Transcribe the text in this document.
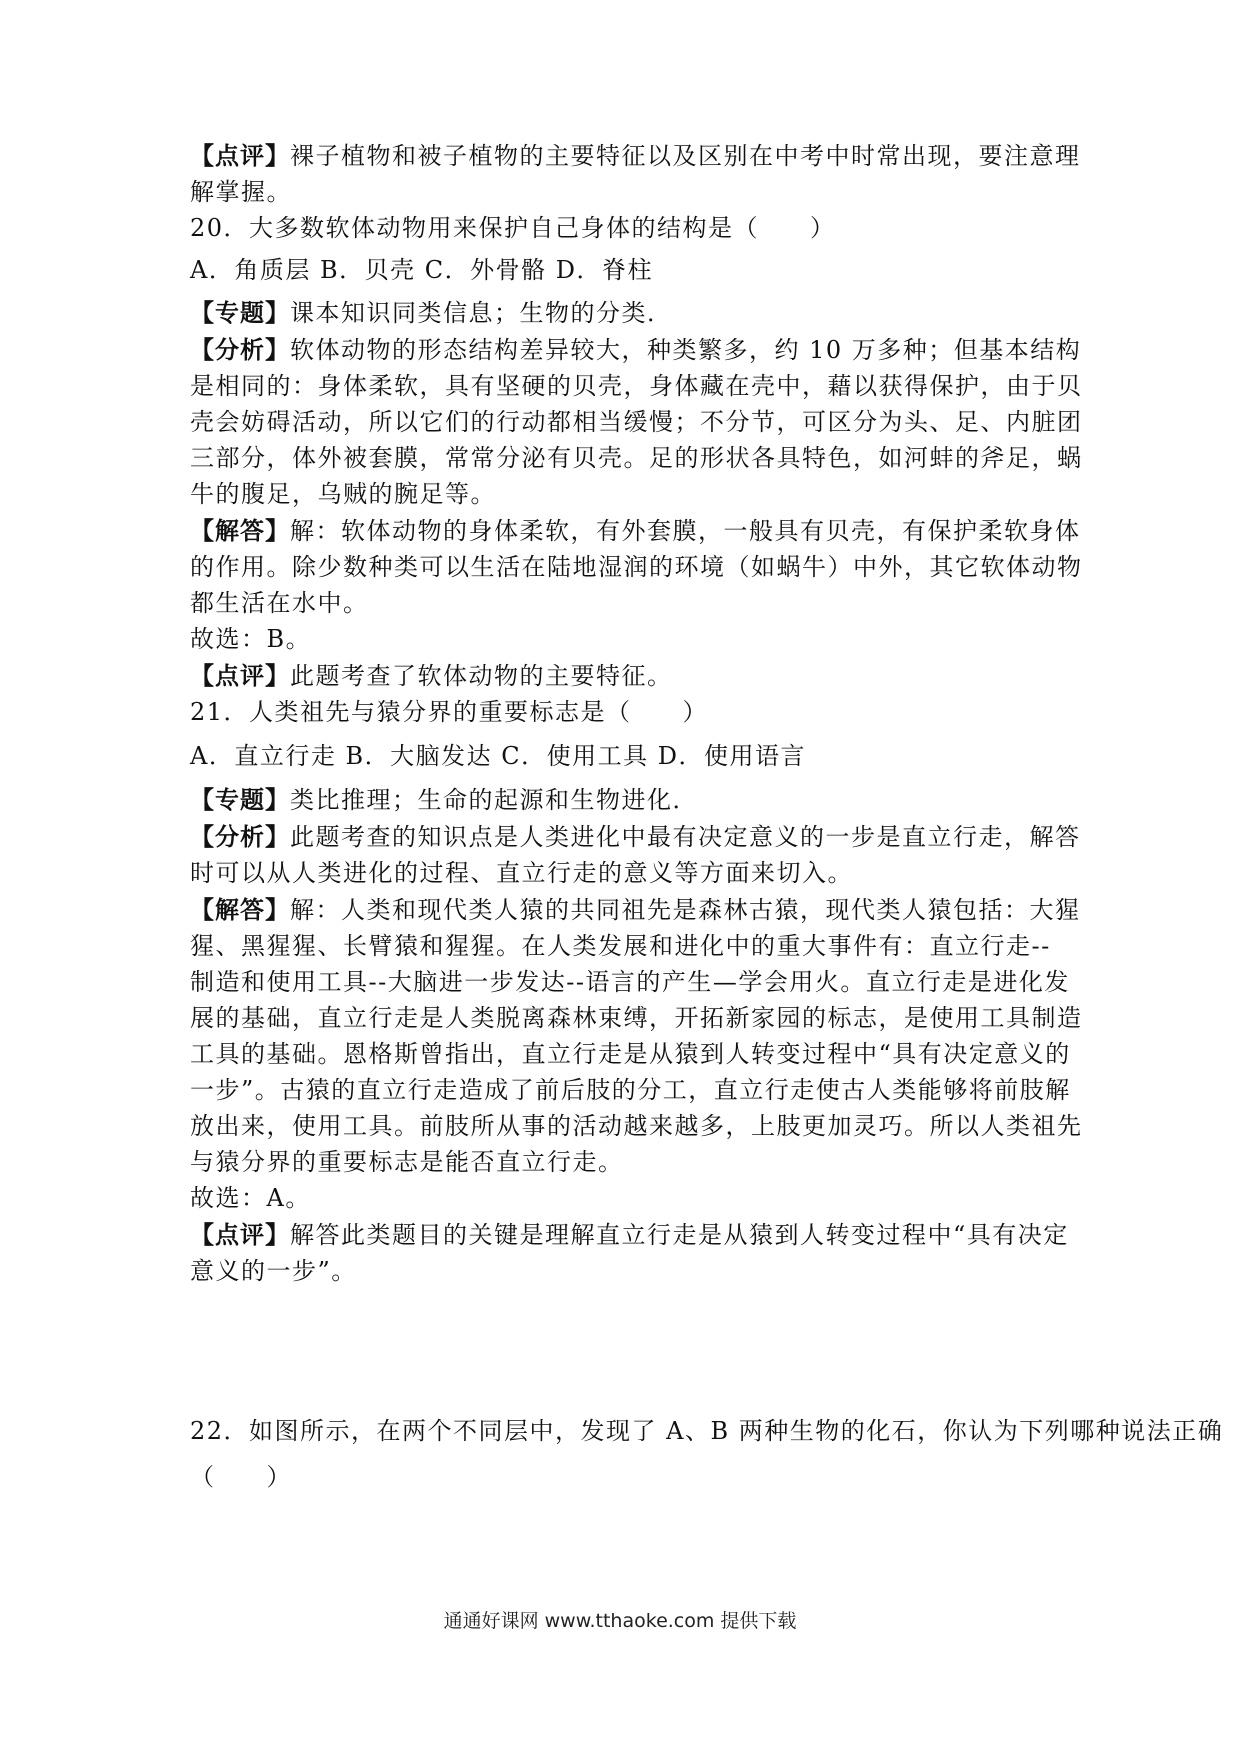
【点评】裸子植物和被子植物的主要特征以及区别在中考中时常出现，要注意理
解掌握。
20．大多数软体动物用来保护自己身体的结构是（　　）
A．角质层 B．贝壳 C．外骨骼 D．脊柱
【专题】课本知识同类信息；生物的分类．
【分析】软体动物的形态结构差异较大，种类繁多，约 10 万多种；但基本结构
是相同的：身体柔软，具有坚硬的贝壳，身体藏在壳中，藉以获得保护，由于贝
壳会妨碍活动，所以它们的行动都相当缓慢；不分节，可区分为头、足、内脏团
三部分，体外被套膜，常常分泌有贝壳。足的形状各具特色，如河蚌的斧足，蜗
牛的腹足，乌贼的腕足等。
【解答】解：软体动物的身体柔软，有外套膜，一般具有贝壳，有保护柔软身体
的作用。除少数种类可以生活在陆地湿润的环境（如蜗牛）中外，其它软体动物
都生活在水中。
故选：B。
【点评】此题考查了软体动物的主要特征。
21．人类祖先与猿分界的重要标志是（　　）
A．直立行走 B．大脑发达 C．使用工具 D．使用语言
【专题】类比推理；生命的起源和生物进化．
【分析】此题考查的知识点是人类进化中最有决定意义的一步是直立行走，解答
时可以从人类进化的过程、直立行走的意义等方面来切入。
【解答】解：人类和现代类人猿的共同祖先是森林古猿，现代类人猿包括：大猩
猩、黑猩猩、长臂猿和猩猩。在人类发展和进化中的重大事件有：直立行走--
制造和使用工具--大脑进一步发达--语言的产生—学会用火。直立行走是进化发
展的基础，直立行走是人类脱离森林束缚，开拓新家园的标志，是使用工具制造
工具的基础。恩格斯曾指出，直立行走是从猿到人转变过程中“具有决定意义的
一步”。古猿的直立行走造成了前后肢的分工，直立行走使古人类能够将前肢解
放出来，使用工具。前肢所从事的活动越来越多，上肢更加灵巧。所以人类祖先
与猿分界的重要标志是能否直立行走。
故选：A。
【点评】解答此类题目的关键是理解直立行走是从猿到人转变过程中“具有决定
意义的一步”。
22．如图所示，在两个不同层中，发现了 A、B 两种生物的化石，你认为下列哪种说法正确
（　　）
通通好课网 www.tthaoke.com 提供下载
